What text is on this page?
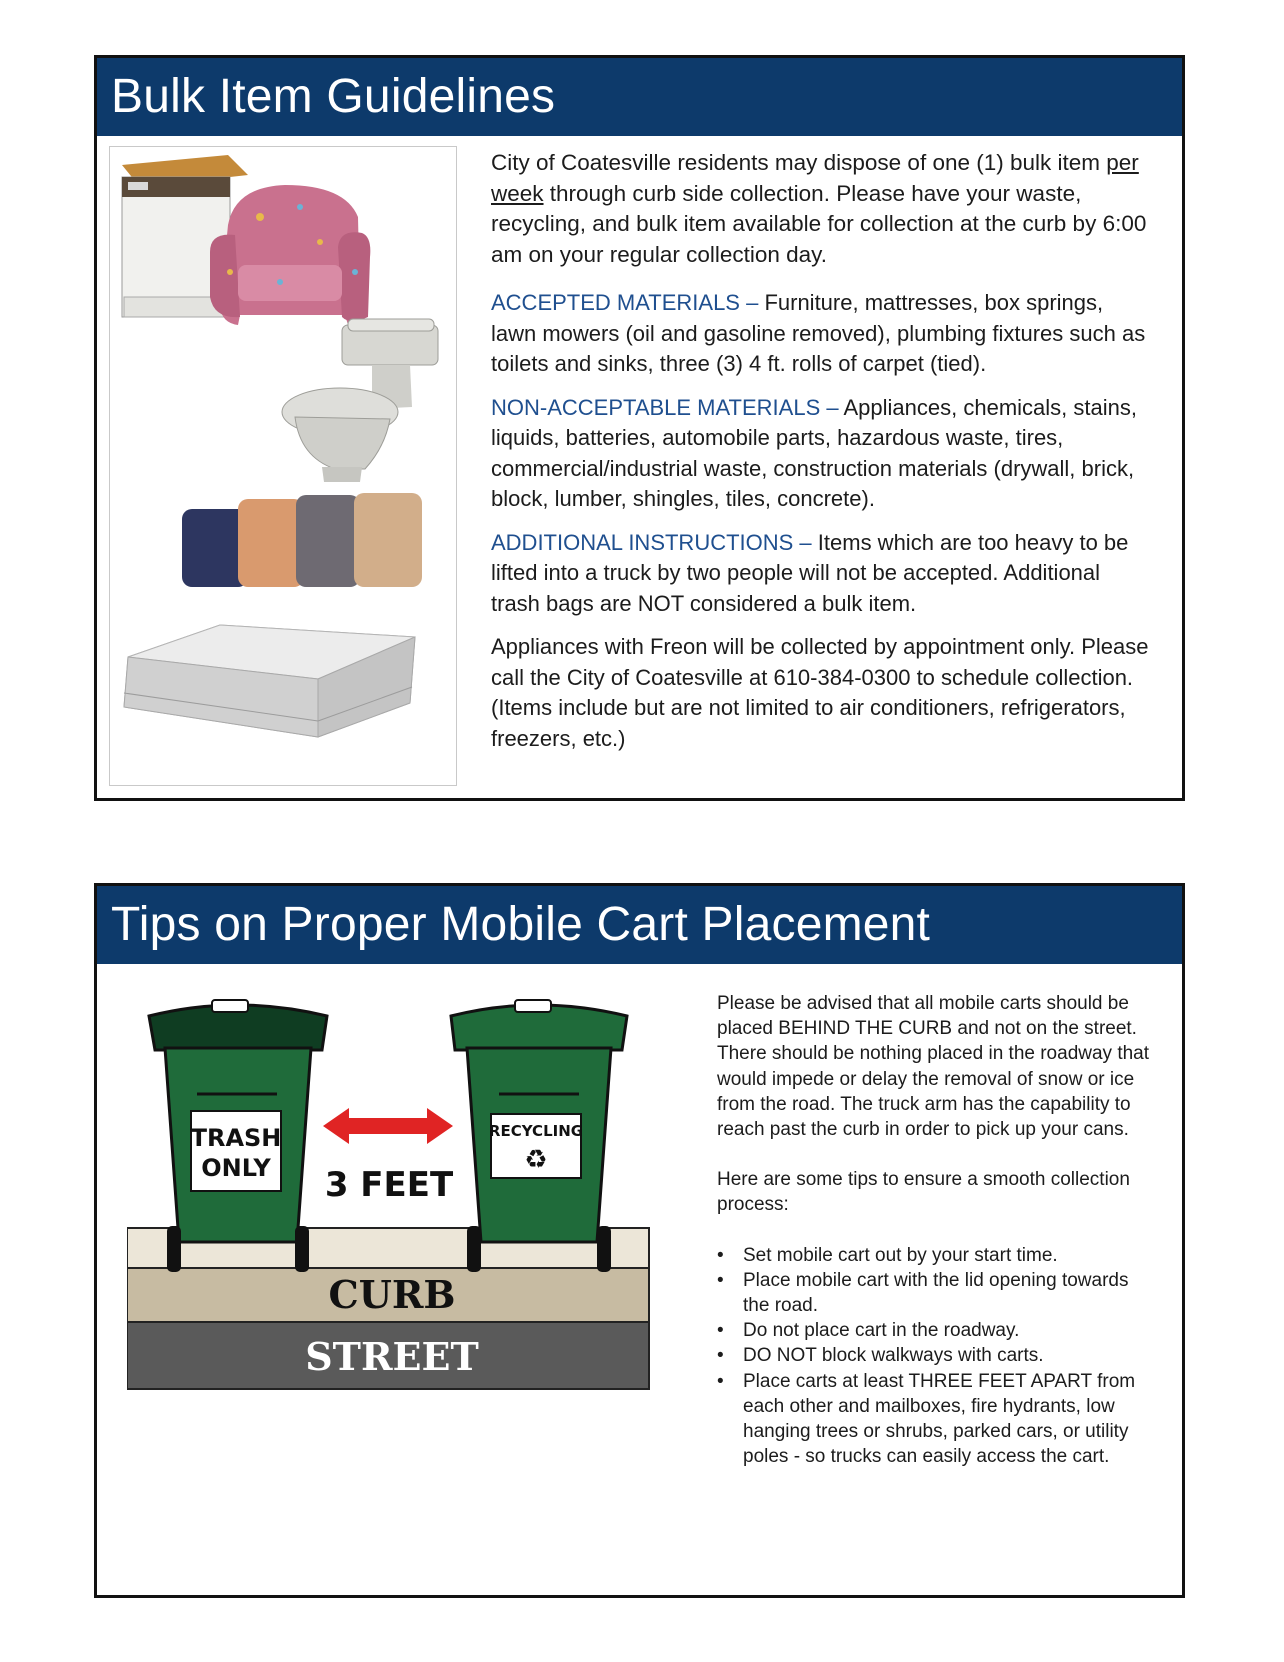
Bulk Item Guidelines

City of Coatesville residents may dispose of one (1) bulk item per week through curb side collection. Please have your waste, recycling, and bulk item available for collection at the curb by 6:00 am on your regular collection day.

ACCEPTED MATERIALS – Furniture, mattresses, box springs, lawn mowers (oil and gasoline removed), plumbing fixtures such as toilets and sinks, three (3) 4 ft. rolls of carpet (tied).

NON-ACCEPTABLE MATERIALS – Appliances, chemicals, stains, liquids, batteries, automobile parts, hazardous waste, tires, commercial/industrial waste, construction materials (drywall, brick, block, lumber, shingles, tiles, concrete).

ADDITIONAL INSTRUCTIONS – Items which are too heavy to be lifted into a truck by two people will not be accepted. Additional trash bags are NOT considered a bulk item.

Appliances with Freon will be collected by appointment only. Please call the City of Coatesville at 610-384-0300 to schedule collection. (Items include but are not limited to air conditioners, refrigerators, freezers, etc.)

Tips on Proper Mobile Cart Placement
CURB
STREET
TRASH
ONLY 3 FEET
RECYCLING
♻

Please be advised that all mobile carts should be placed BEHIND THE CURB and not on the street. There should be nothing placed in the roadway that would impede or delay the removal of snow or ice from the road. The truck arm has the capability to reach past the curb in order to pick up your cans.

Here are some tips to ensure a smooth collection process:

• Set mobile cart out by your start time.
• Place mobile cart with the lid opening towards the road.
• Do not place cart in the roadway.
• DO NOT block walkways with carts.
• Place carts at least THREE FEET APART from each other and mailboxes, fire hydrants, low hanging trees or shrubs, parked cars, or utility poles - so trucks can easily access the cart.
